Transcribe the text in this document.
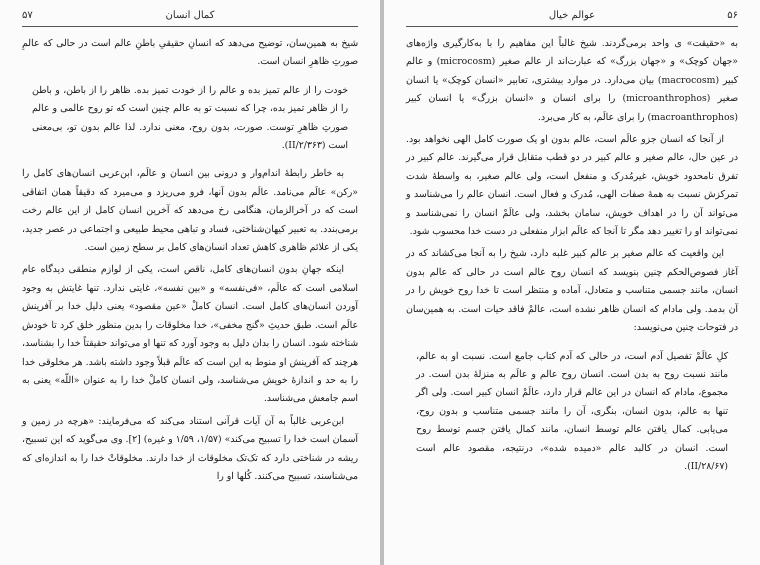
۵۷	کمال انسان

شیخ به همین‌سان، توضیح می‌دهد که انسانِ حقیقیِ باطنِ عالم است در حالی که عالمِ صورتِ ظاهرِ انسان است.

خودت را از عالم تمیز بده و عالم را از خودت تمیز بده. ظاهر را از باطن، و باطن را از ظاهر تمیز بده، چرا که نسبت تو به عالم چنین است که تو روح عالمی و عالم صورتِ ظاهرِ توست. صورت، بدون روح، معنی ندارد. لذا عالم بدون تو، بی‌معنی است (۲/۳۶۳/II).

به خاطر رابطهٔ اندام‌وار و درونی بین انسان و عالَم، ابن‌عربی انسان‌های کامل را «رکن» عالَم می‌نامد. عالَم بدون آنها، فرو می‌ریزد و می‌میرد که دقیقاً همان اتفاقی است که در آخرالزمان، هنگامی رخ می‌دهد که آخرین انسان کامل از این عالم رخت برمی‌بندد. به تعبیر کیهان‌شناختی، فساد و تباهی محیط طبیعی و اجتماعی در عصر جدید، یکی از علائم ظاهری کاهش تعداد انسان‌های کامل بر سطح زمین است.

اینکه جهانِ بدون انسان‌های کامل، ناقص است، یکی از لوازم منطقی دیدگاه عام اسلامی است که عالَم، «فی‌نفسه» و «بین نفسه»، غایتی ندارد. تنها غایتش به وجود آوردن انسان‌های کامل است. انسان کاملْ «عین مقصود» یعنی دلیل خدا بر آفرینش عالَم است. طبق حدیثِ «گنج مخفی»، خدا مخلوقات را بدین منظور خلق کرد تا خودش شناخته شود. انسان را بدان دلیل به وجود آورد که تنها او می‌تواند حقیقتاً خدا را بشناسد، هرچند که آفرینش او منوط به این است که عالَم قبلاً وجود داشته باشد. هر مخلوقی خدا را به حد و اندازهٔ خویش می‌شناسد، ولی انسان کاملْ خدا را به عنوان «اللّه» یعنی به اسم جامعش می‌شناسد.

ابن‌عربی غالباً به آن آیات قرآنی استناد می‌کند که می‌فرمایند: «هرچه در زمین و آسمان است خدا را تسبیح می‌کند» (۱/۵۷، ۱/۵۹ و غیره) [۲]. وی می‌گوید که این تسبیح، ریشه در شناختی دارد که تک‌تک مخلوقات از خدا دارند. مخلوقاتْ خدا را به اندازه‌ای که می‌شناسند، تسبیح می‌کنند. کُلها او را

عوالم خیال	۵۶

به «حقیقت» ی واحد برمی‌گردند. شیخ غالباً این مفاهیم را با به‌کارگیری واژه‌های «جهان کوچک» و «جهان بزرگ» که عبارت‌اند از عالم صغیر (microcosm) و عالم کبیر (macrocosm) بیان می‌دارد. در موارد بیشتری، تعابیر «انسان کوچک» یا انسان صغیر (microanthrophos) را برای انسان و «انسان بزرگ» یا انسان کبیر (macroanthrophos) را برای عالَم، به کار می‌برد.

از آنجا که انسان جزو عالَم است، عالم بدون او یک صورت کامل الهی نخواهد بود. در عین حال، عالم صغیر و عالم کبیر در دو قطب متقابل قرار می‌گیرند. عالم کبیر در تفرق نامحدود خویش، غیرمُدرک و منفعل است، ولی عالم صغیر، به واسطهٔ شدت تمرکزش نسبت به همهٔ صفات الهی، مُدرک و فعال است. انسان عالم را می‌شناسد و می‌تواند آن را در اهداف خویش، سامان بخشد، ولی عالَمْ انسان را نمی‌شناسد و نمی‌تواند او را تغییر دهد مگر تا آنجا که عالَم ابزار منفعلی در دست خدا محسوب شود.

این واقعیت که عالم صغیر بر عالم کبیر غلبه دارد، شیخ را به آنجا می‌کشاند که در آغاز فصوص‌الحکم چنین بنویسد که انسان روح عالم است در حالی که عالم بدون انسان، مانند جسمی متناسب و متعادل، آماده و منتظر است تا خدا روح خویش را در آن بدمد. ولی مادام که انسان ظاهر نشده است، عالمْ فاقد حیات است. به همین‌سان در فتوحات چنین می‌نویسد:

کلِ عالَمْ تفصیل آدم است، در حالی که آدم کتاب جامع است. نسبت او به عالم، مانند نسبت روح به بدن است. انسان روح عالم و عالَم به منزلهٔ بدن است. در مجموع، مادام که انسان در این عالم قرار دارد، عالَمْ انسان کبیر است. ولی اگر تنها به عالم، بدون انسان، بنگری، آن را مانند جسمی متناسب و بدون روح، می‌یابی. کمال یافتن عالم توسط انسان، مانند کمال یافتن جسم توسط روح است. انسان در کالبد عالم «دمیده شده»، درنتیجه، مقصود عالم است (۲۸/۶۷/II).
